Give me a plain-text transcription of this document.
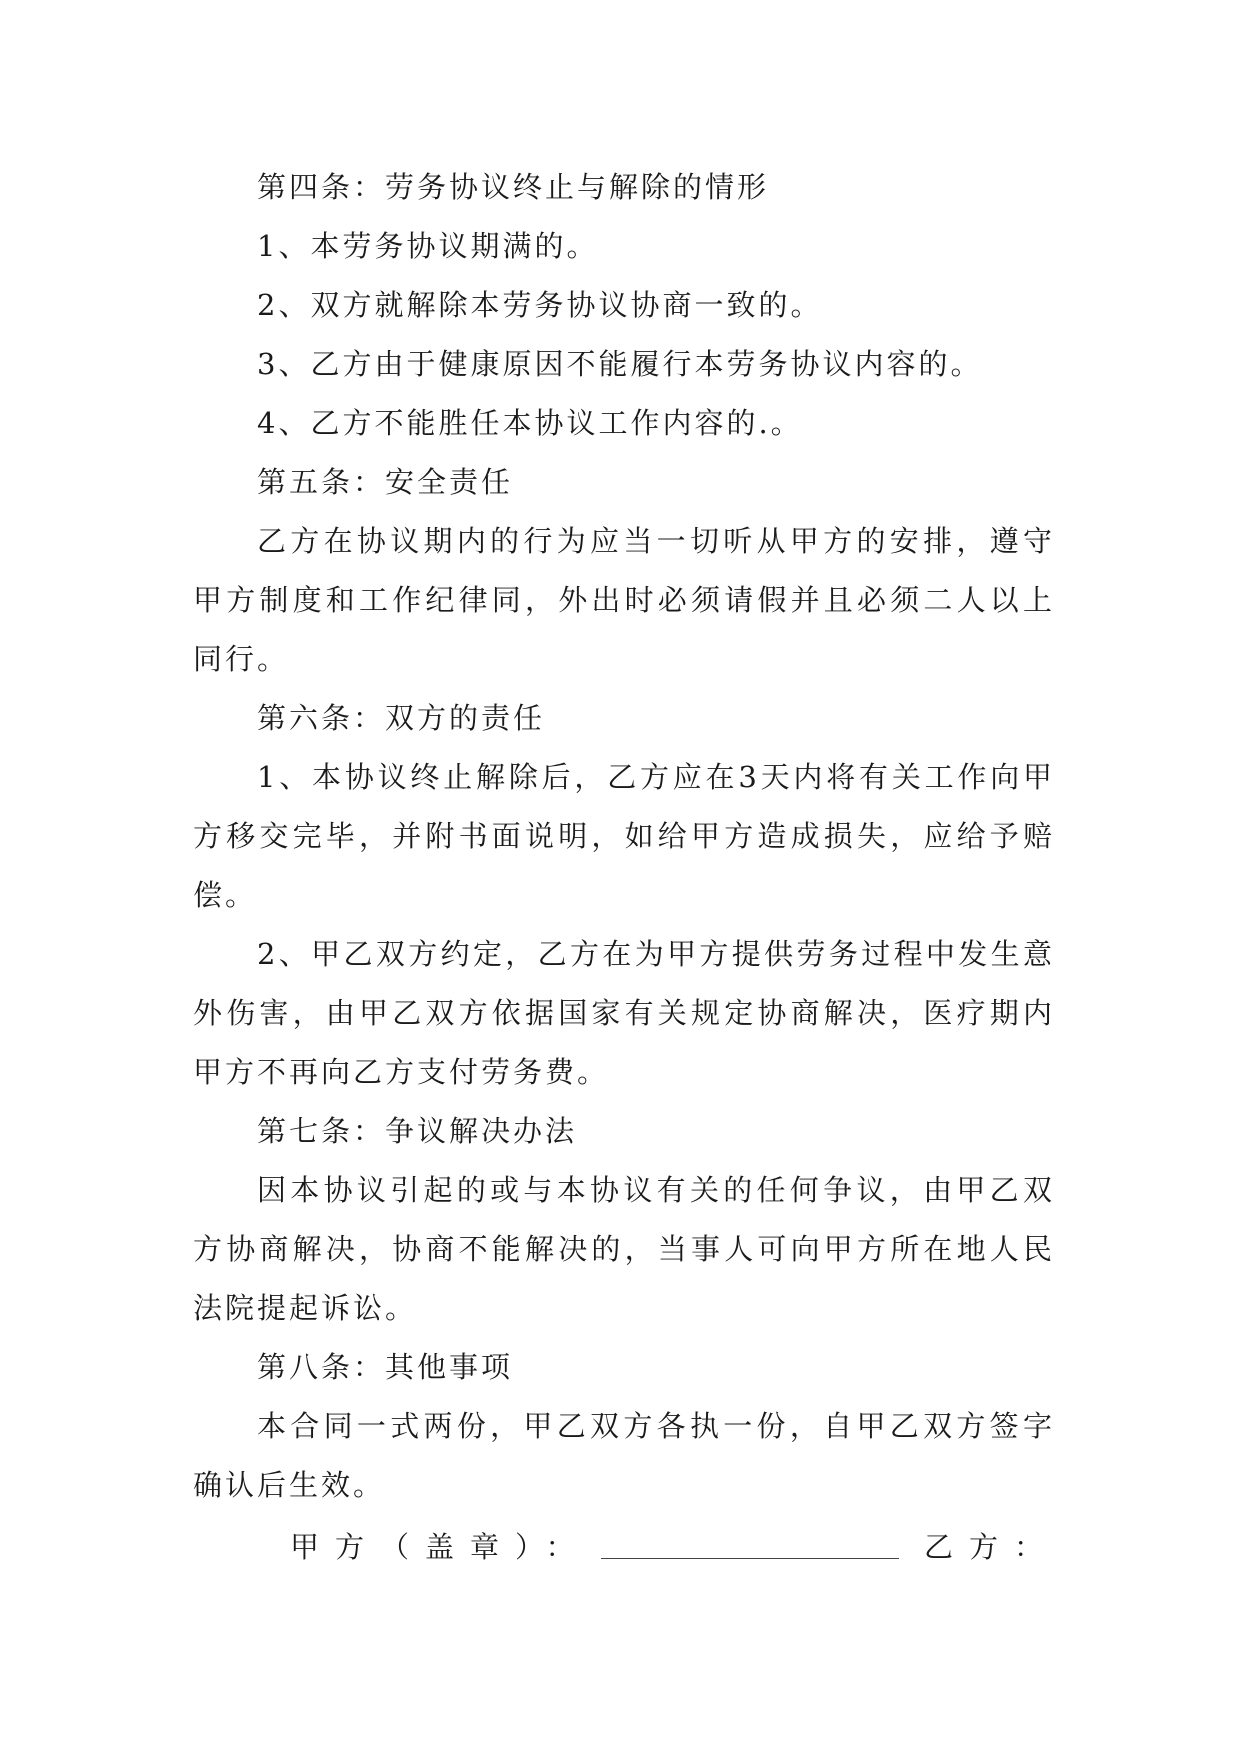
第四条：劳务协议终止与解除的情形

1、本劳务协议期满的。

2、双方就解除本劳务协议协商一致的。

3、乙方由于健康原因不能履行本劳务协议内容的。

4、乙方不能胜任本协议工作内容的.。

第五条：安全责任

乙方在协议期内的行为应当一切听从甲方的安排，遵守甲方制度和工作纪律同，外出时必须请假并且必须二人以上同行。

第六条：双方的责任

1、本协议终止解除后，乙方应在3天内将有关工作向甲方移交完毕，并附书面说明，如给甲方造成损失，应给予赔偿。

2、甲乙双方约定，乙方在为甲方提供劳务过程中发生意外伤害，由甲乙双方依据国家有关规定协商解决，医疗期内甲方不再向乙方支付劳务费。

第七条：争议解决办法

因本协议引起的或与本协议有关的任何争议，由甲乙双方协商解决，协商不能解决的，当事人可向甲方所在地人民法院提起诉讼。

第八条：其他事项

本合同一式两份，甲乙双方各执一份，自甲乙双方签字确认后生效。

甲方（盖章）：	乙方：
